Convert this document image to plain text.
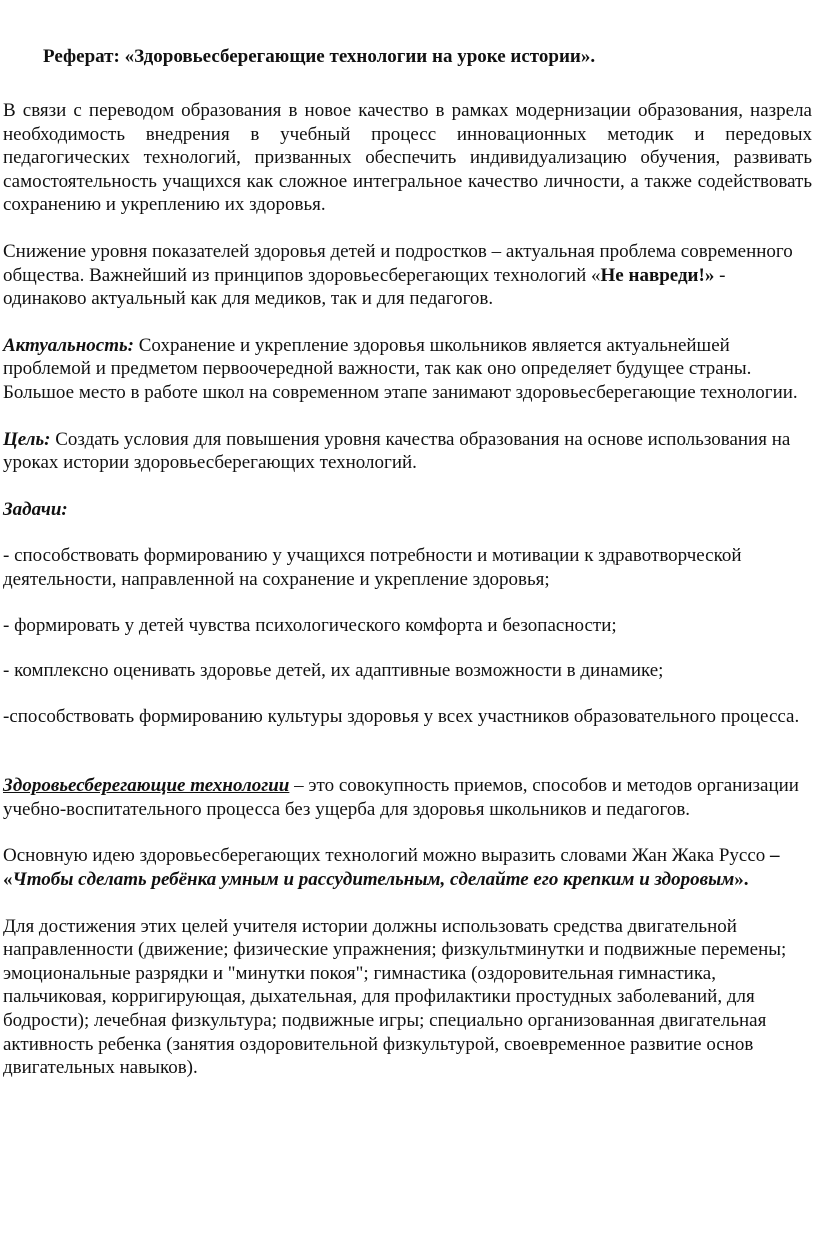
Реферат: «Здоровьесберегающие технологии на уроке истории».

В связи с переводом образования в новое качество в рамках модернизации образования, назрела необходимость внедрения в учебный процесс инновационных методик и передовых педагогических технологий, призванных обеспечить индивидуализацию обучения, развивать самостоятельность учащихся как сложное интегральное качество личности, а также содействовать сохранению и укреплению их здоровья.

Снижение уровня показателей здоровья детей и подростков – актуальная проблема современного общества. Важнейший из принципов здоровьесберегающих технологий «Не навреди!» - одинаково актуальный как для медиков, так и для педагогов.

Актуальность: Сохранение и укрепление здоровья школьников является актуальнейшей проблемой и предметом первоочередной важности, так как оно определяет будущее страны. Большое место в работе школ на современном этапе занимают здоровьесберегающие технологии.

Цель: Создать условия для повышения уровня качества образования на основе использования на уроках истории здоровьесберегающих технологий.

Задачи:

- способствовать формированию у учащихся потребности и мотивации к здравотворческой деятельности, направленной на сохранение и укрепление здоровья;

- формировать у детей чувства психологического комфорта и безопасности;

- комплексно оценивать здоровье детей, их адаптивные возможности в динамике;

-способствовать формированию культуры здоровья у всех участников образовательного процесса.

Здоровьесберегающие технологии – это совокупность приемов, способов и методов организации учебно-воспитательного процесса без ущерба для здоровья школьников и педагогов.

Основную идею здоровьесберегающих технологий можно выразить словами Жан Жака Руссо – «Чтобы сделать ребёнка умным и рассудительным, сделайте его крепким и здоровым».

Для достижения этих целей учителя истории должны использовать средства двигательной направленности (движение; физические упражнения; физкультминутки и подвижные перемены; эмоциональные разрядки и "минутки покоя"; гимнастика (оздоровительная гимнастика, пальчиковая, корригирующая, дыхательная, для профилактики простудных заболеваний, для бодрости); лечебная физкультура; подвижные игры; специально организованная двигательная активность ребенка (занятия оздоровительной физкультурой, своевременное развитие основ двигательных навыков).
